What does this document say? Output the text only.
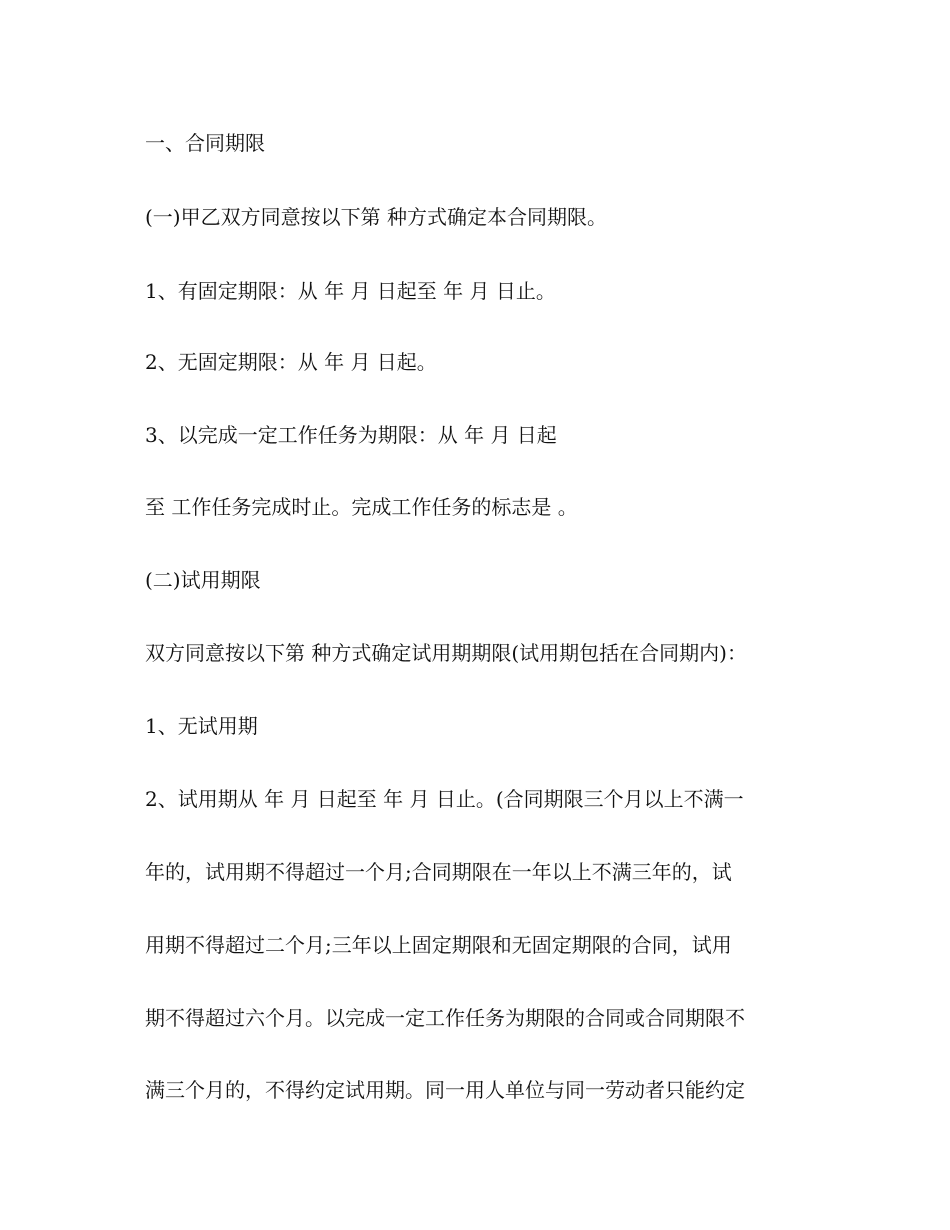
一、合同期限

(一)甲乙双方同意按以下第 种方式确定本合同期限。

1、有固定期限：从 年 月 日起至 年 月 日止。

2、无固定期限：从 年 月 日起。

3、以完成一定工作任务为期限：从 年 月 日起

至 工作任务完成时止。完成工作任务的标志是 。

(二)试用期限

双方同意按以下第 种方式确定试用期期限(试用期包括在合同期内)：

1、无试用期

2、试用期从 年 月 日起至 年 月 日止。(合同期限三个月以上不满一

年的，试用期不得超过一个月;合同期限在一年以上不满三年的，试

用期不得超过二个月;三年以上固定期限和无固定期限的合同，试用

期不得超过六个月。以完成一定工作任务为期限的合同或合同期限不

满三个月的，不得约定试用期。同一用人单位与同一劳动者只能约定
